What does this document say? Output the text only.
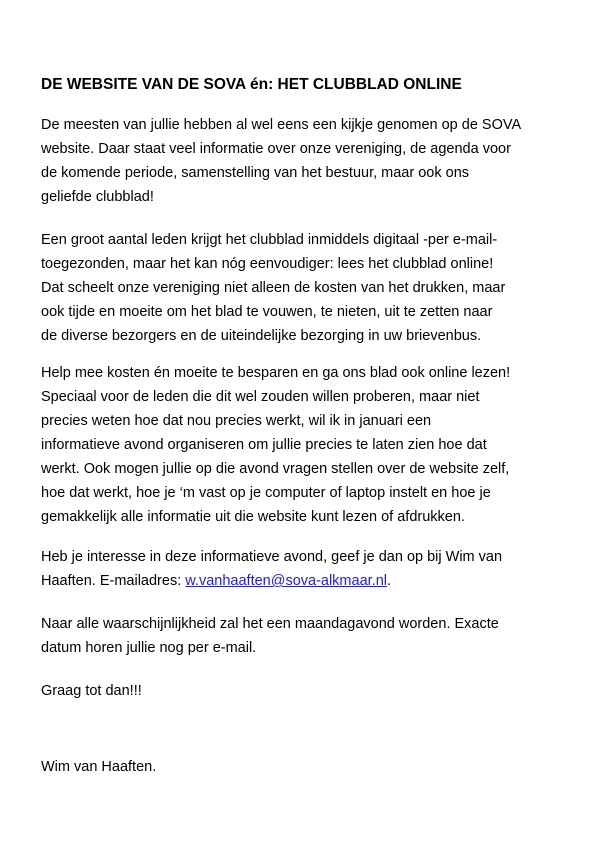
DE WEBSITE VAN DE SOVA én: HET CLUBBLAD ONLINE

De meesten van jullie hebben al wel eens een kijkje genomen op de SOVA
website. Daar staat veel informatie over onze vereniging, de agenda voor
de komende periode, samenstelling van het bestuur, maar ook ons
geliefde clubblad!

Een groot aantal leden krijgt het clubblad inmiddels digitaal -per e-mail-
toegezonden, maar het kan nóg eenvoudiger: lees het clubblad online!
Dat scheelt onze vereniging niet alleen de kosten van het drukken, maar
ook tijde en moeite om het blad te vouwen, te nieten, uit te zetten naar
de diverse bezorgers en de uiteindelijke bezorging in uw brievenbus.

Help mee kosten én moeite te besparen en ga ons blad ook online lezen!
Speciaal voor de leden die dit wel zouden willen proberen, maar niet
precies weten hoe dat nou precies werkt, wil ik in januari een
informatieve avond organiseren om jullie precies te laten zien hoe dat
werkt. Ook mogen jullie op die avond vragen stellen over de website zelf,
hoe dat werkt, hoe je ‘m vast op je computer of laptop instelt en hoe je
gemakkelijk alle informatie uit die website kunt lezen of afdrukken.

Heb je interesse in deze informatieve avond, geef je dan op bij Wim van
Haaften. E-mailadres: w.vanhaaften@sova-alkmaar.nl.

Naar alle waarschijnlijkheid zal het een maandagavond worden. Exacte
datum horen jullie nog per e-mail.

Graag tot dan!!!

Wim van Haaften.
